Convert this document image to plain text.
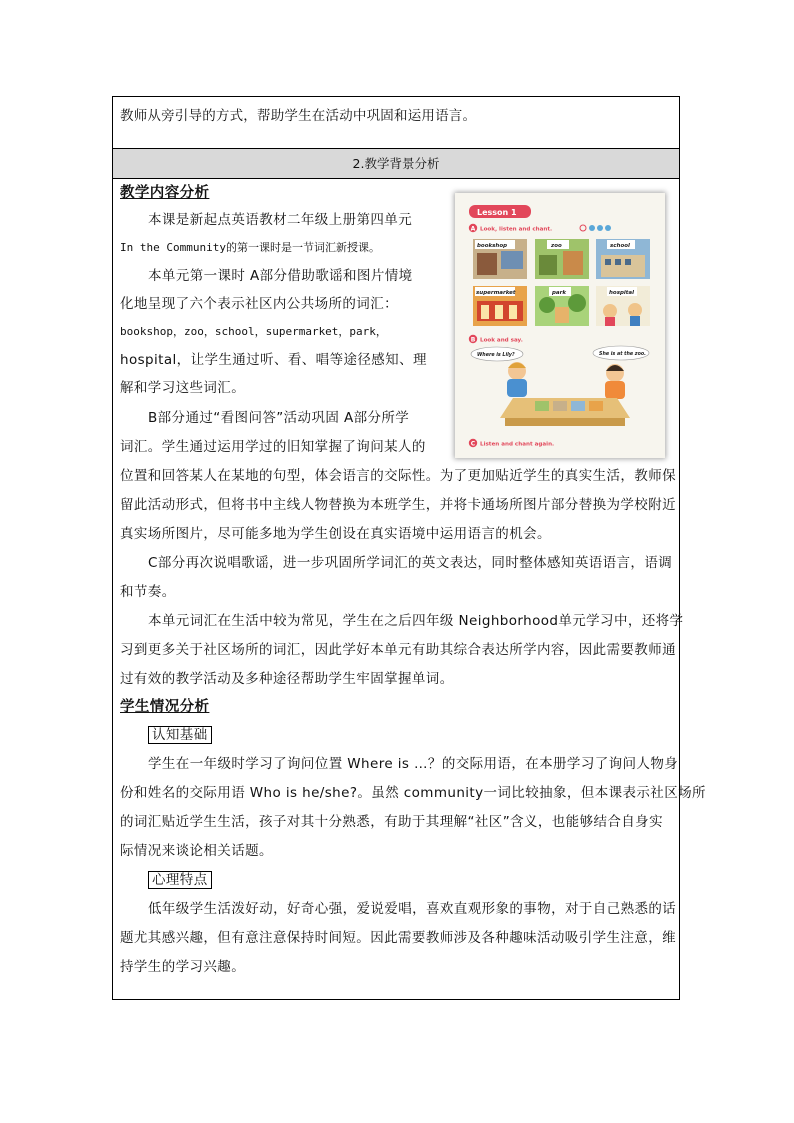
教师从旁引导的方式，帮助学生在活动中巩固和运用语言。

2.教学背景分析
Lesson 1
A Look, listen and chant.
bookshop	zoo	school
supermarket	park	hospital
B Look and say.
Where is Lily?	She is at the zoo.
C Listen and chant again.
教学内容分析
本课是新起点英语教材二年级上册第四单元
In the Community的第一课时是一节词汇新授课。
本单元第一课时 A部分借助歌谣和图片情境
化地呈现了六个表示社区内公共场所的词汇：
bookshop，zoo，school，supermarket，park，
hospital，让学生通过听、看、唱等途径感知、理
解和学习这些词汇。
B部分通过“看图问答”活动巩固 A部分所学
词汇。学生通过运用学过的旧知掌握了询问某人的
位置和回答某人在某地的句型，体会语言的交际性。为了更加贴近学生的真实生活，教师保
留此活动形式，但将书中主线人物替换为本班学生，并将卡通场所图片部分替换为学校附近
真实场所图片，尽可能多地为学生创设在真实语境中运用语言的机会。
C部分再次说唱歌谣，进一步巩固所学词汇的英文表达，同时整体感知英语语言，语调
和节奏。
本单元词汇在生活中较为常见，学生在之后四年级 Neighborhood单元学习中，还将学
习到更多关于社区场所的词汇，因此学好本单元有助其综合表达所学内容，因此需要教师通
过有效的教学活动及多种途径帮助学生牢固掌握单词。
学生情况分析
认知基础
学生在一年级时学习了询问位置 Where is …？的交际用语，在本册学习了询问人物身
份和姓名的交际用语 Who is he/she?。虽然 community一词比较抽象，但本课表示社区场所
的词汇贴近学生生活，孩子对其十分熟悉，有助于其理解“社区”含义，也能够结合自身实
际情况来谈论相关话题。
心理特点
低年级学生活泼好动，好奇心强，爱说爱唱，喜欢直观形象的事物，对于自己熟悉的话
题尤其感兴趣，但有意注意保持时间短。因此需要教师涉及各种趣味活动吸引学生注意，维
持学生的学习兴趣。
